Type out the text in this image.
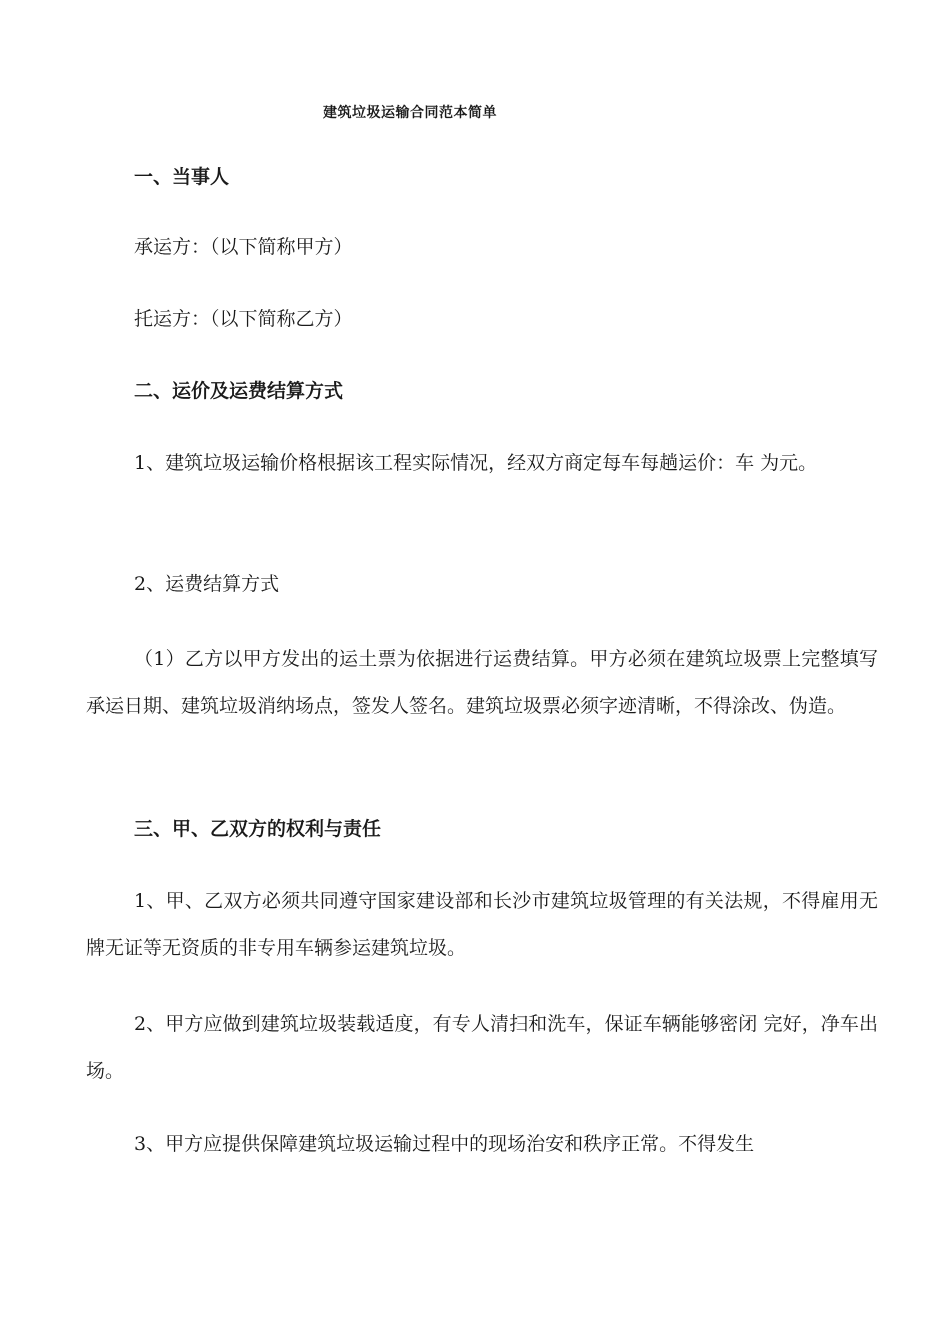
建筑垃圾运输合同范本简单

一、当事人

承运方：（以下简称甲方）

托运方：（以下简称乙方）

二、运价及运费结算方式

1、建筑垃圾运输价格根据该工程实际情况，经双方商定每车每趟运价：车 为元。

2、运费结算方式

（1）乙方以甲方发出的运土票为依据进行运费结算。甲方必须在建筑垃圾票上完整填写承运日期、建筑垃圾消纳场点，签发人签名。建筑垃圾票必须字迹清晰，不得涂改、伪造。

三、甲、乙双方的权利与责任

1、甲、乙双方必须共同遵守国家建设部和长沙市建筑垃圾管理的有关法规，不得雇用无牌无证等无资质的非专用车辆参运建筑垃圾。

2、甲方应做到建筑垃圾装载适度，有专人清扫和洗车，保证车辆能够密闭 完好，净车出场。

3、甲方应提供保障建筑垃圾运输过程中的现场治安和秩序正常。不得发生
